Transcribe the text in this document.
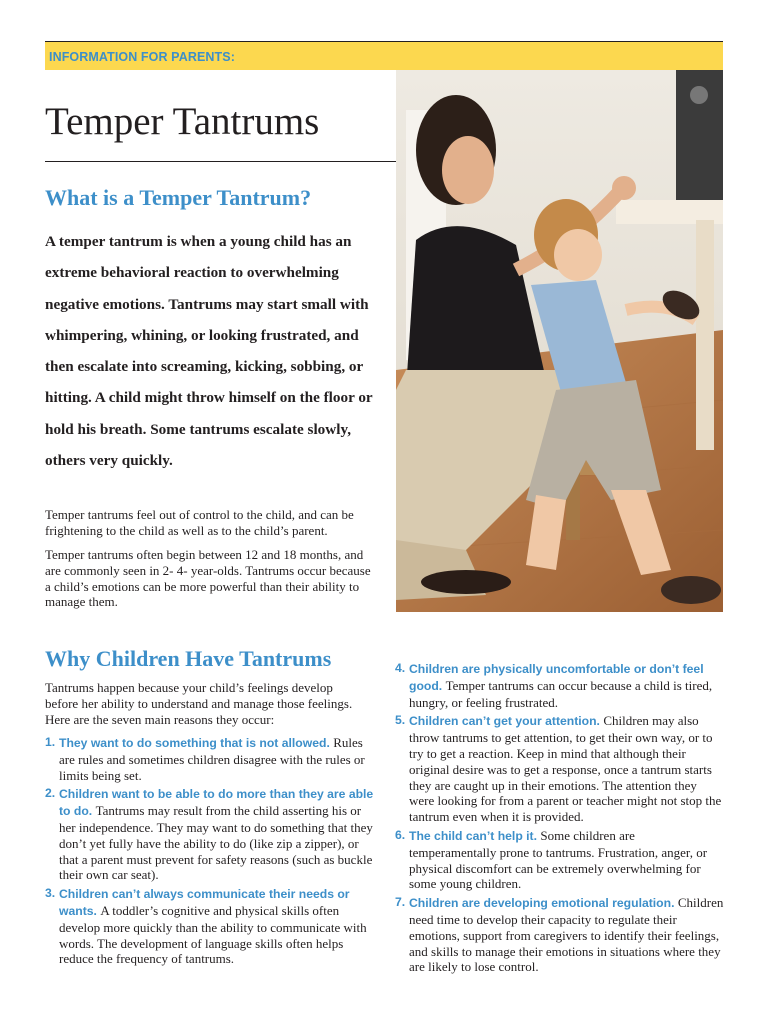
INFORMATION FOR PARENTS:
Temper Tantrums
What is a Temper Tantrum?

A temper tantrum is when a young child has an extreme behavioral reaction to overwhelming negative emotions. Tantrums may start small with whimpering, whining, or looking frustrated, and then escalate into screaming, kicking, sobbing, or hitting. A child might throw himself on the floor or hold his breath. Some tantrums escalate slowly, others very quickly.

Temper tantrums feel out of control to the child, and can be frightening to the child as well as to the child’s parent.

Temper tantrums often begin between 12 and 18 months, and are commonly seen in 2- 4- year-olds. Tantrums occur because a child’s emotions can be more powerful than their ability to manage them.

Why Children Have Tantrums

Tantrums happen because your child’s feelings develop before her ability to understand and manage those feelings. Here are the seven main reasons they occur:

1. They want to do something that is not allowed. Rules are rules and sometimes children disagree with the rules or limits being set.
2. Children want to be able to do more than they are able to do. Tantrums may result from the child asserting his or her independence. They may want to do something that they don’t yet fully have the ability to do (like zip a zipper), or that a parent must prevent for safety reasons (such as buckle their own car seat).
3. Children can’t always communicate their needs or wants. A toddler’s cognitive and physical skills often develop more quickly than the ability to communicate with words. The development of language skills often helps reduce the frequency of tantrums.
4. Children are physically uncomfortable or don’t feel good. Temper tantrums can occur because a child is tired, hungry, or feeling frustrated.
5. Children can’t get your attention. Children may also throw tantrums to get attention, to get their own way, or to try to get a reaction. Keep in mind that although their original desire was to get a response, once a tantrum starts they are caught up in their emotions. The attention they were looking for from a parent or teacher might not stop the tantrum even when it is provided.
6. The child can’t help it. Some children are temperamentally prone to tantrums. Frustration, anger, or physical discomfort can be extremely overwhelming for some young children.
7. Children are developing emotional regulation. Children need time to develop their capacity to regulate their emotions, support from caregivers to identify their feelings, and skills to manage their emotions in situations where they are likely to lose control.
